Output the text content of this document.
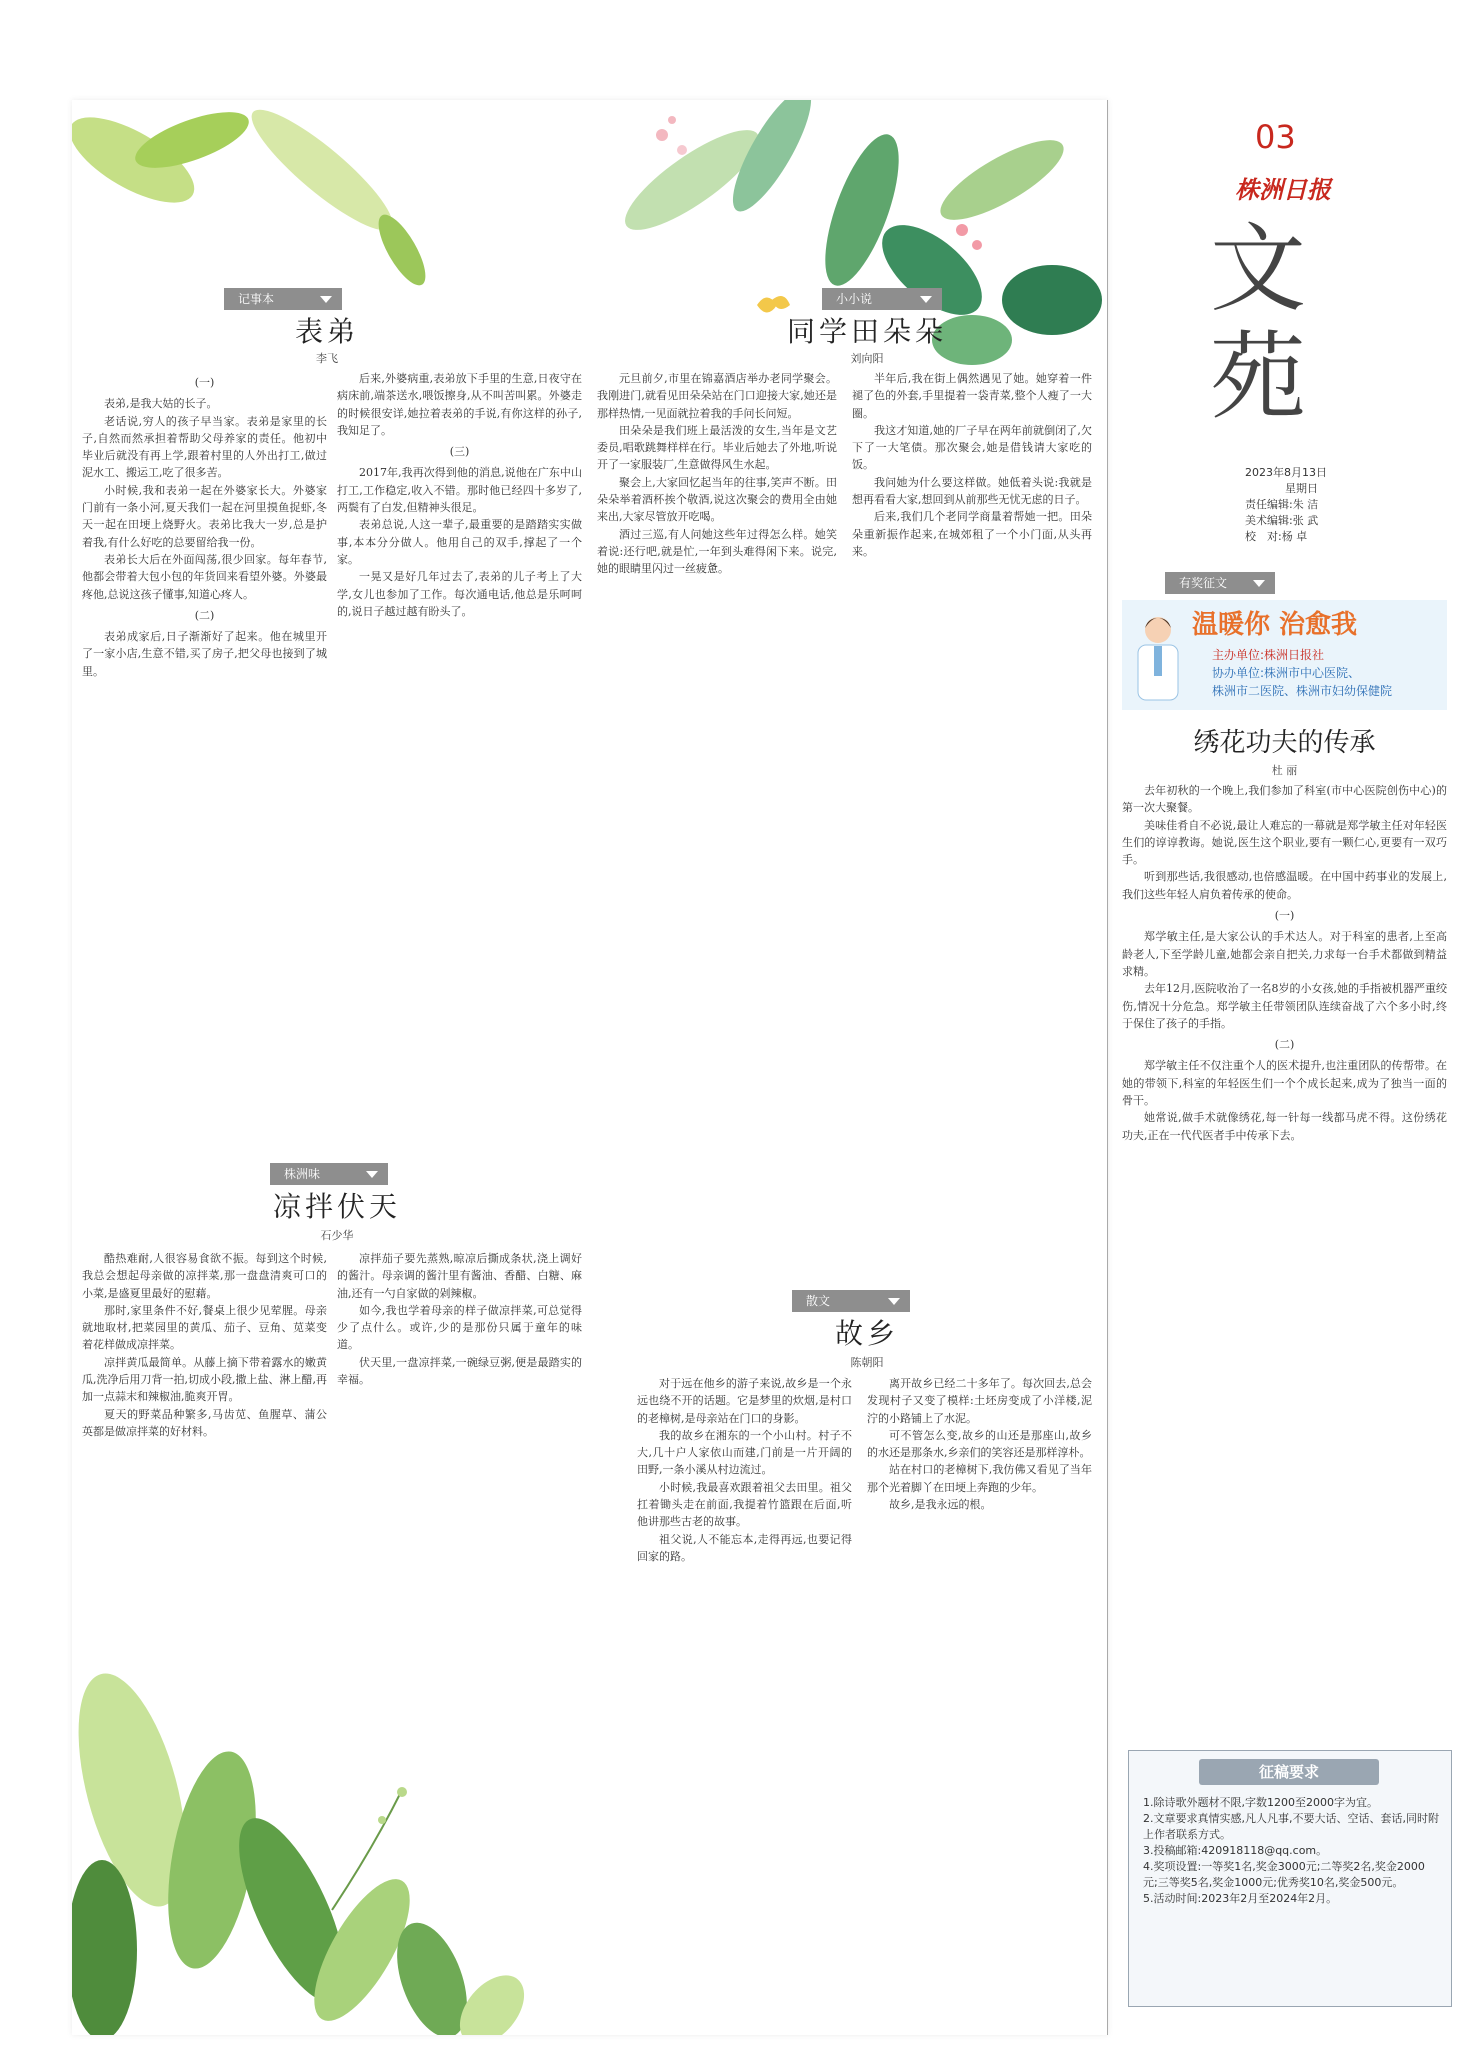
记事本
表弟
李飞

(一)

表弟,是我大姑的长子。

老话说,穷人的孩子早当家。表弟是家里的长子,自然而然承担着帮助父母养家的责任。他初中毕业后就没有再上学,跟着村里的人外出打工,做过泥水工、搬运工,吃了很多苦。

小时候,我和表弟一起在外婆家长大。外婆家门前有一条小河,夏天我们一起在河里摸鱼捉虾,冬天一起在田埂上烧野火。表弟比我大一岁,总是护着我,有什么好吃的总要留给我一份。

表弟长大后在外面闯荡,很少回家。每年春节,他都会带着大包小包的年货回来看望外婆。外婆最疼他,总说这孩子懂事,知道心疼人。

(二)

表弟成家后,日子渐渐好了起来。他在城里开了一家小店,生意不错,买了房子,把父母也接到了城里。

后来,外婆病重,表弟放下手里的生意,日夜守在病床前,端茶送水,喂饭擦身,从不叫苦叫累。外婆走的时候很安详,她拉着表弟的手说,有你这样的孙子,我知足了。

(三)

2017年,我再次得到他的消息,说他在广东中山打工,工作稳定,收入不错。那时他已经四十多岁了,两鬓有了白发,但精神头很足。

表弟总说,人这一辈子,最重要的是踏踏实实做事,本本分分做人。他用自己的双手,撑起了一个家。

一晃又是好几年过去了,表弟的儿子考上了大学,女儿也参加了工作。每次通电话,他总是乐呵呵的,说日子越过越有盼头了。

小小说
同学田朵朵
刘向阳

元旦前夕,市里在锦嘉酒店举办老同学聚会。我刚进门,就看见田朵朵站在门口迎接大家,她还是那样热情,一见面就拉着我的手问长问短。

田朵朵是我们班上最活泼的女生,当年是文艺委员,唱歌跳舞样样在行。毕业后她去了外地,听说开了一家服装厂,生意做得风生水起。

聚会上,大家回忆起当年的往事,笑声不断。田朵朵举着酒杯挨个敬酒,说这次聚会的费用全由她来出,大家尽管放开吃喝。

酒过三巡,有人问她这些年过得怎么样。她笑着说:还行吧,就是忙,一年到头难得闲下来。说完,她的眼睛里闪过一丝疲惫。

半年后,我在街上偶然遇见了她。她穿着一件褪了色的外套,手里提着一袋青菜,整个人瘦了一大圈。

我这才知道,她的厂子早在两年前就倒闭了,欠下了一大笔债。那次聚会,她是借钱请大家吃的饭。

我问她为什么要这样做。她低着头说:我就是想再看看大家,想回到从前那些无忧无虑的日子。

后来,我们几个老同学商量着帮她一把。田朵朵重新振作起来,在城郊租了一个小门面,从头再来。

株洲味
凉拌伏天
石少华

酷热难耐,人很容易食欲不振。每到这个时候,我总会想起母亲做的凉拌菜,那一盘盘清爽可口的小菜,是盛夏里最好的慰藉。

那时,家里条件不好,餐桌上很少见荤腥。母亲就地取材,把菜园里的黄瓜、茄子、豆角、苋菜变着花样做成凉拌菜。

凉拌黄瓜最简单。从藤上摘下带着露水的嫩黄瓜,洗净后用刀背一拍,切成小段,撒上盐、淋上醋,再加一点蒜末和辣椒油,脆爽开胃。

夏天的野菜品种繁多,马齿苋、鱼腥草、蒲公英都是做凉拌菜的好材料。

凉拌茄子要先蒸熟,晾凉后撕成条状,浇上调好的酱汁。母亲调的酱汁里有酱油、香醋、白糖、麻油,还有一勺自家做的剁辣椒。

如今,我也学着母亲的样子做凉拌菜,可总觉得少了点什么。或许,少的是那份只属于童年的味道。

伏天里,一盘凉拌菜,一碗绿豆粥,便是最踏实的幸福。

散文
故乡
陈朝阳

对于远在他乡的游子来说,故乡是一个永远也绕不开的话题。它是梦里的炊烟,是村口的老樟树,是母亲站在门口的身影。

我的故乡在湘东的一个小山村。村子不大,几十户人家依山而建,门前是一片开阔的田野,一条小溪从村边流过。

小时候,我最喜欢跟着祖父去田里。祖父扛着锄头走在前面,我提着竹篮跟在后面,听他讲那些古老的故事。

祖父说,人不能忘本,走得再远,也要记得回家的路。

离开故乡已经二十多年了。每次回去,总会发现村子又变了模样:土坯房变成了小洋楼,泥泞的小路铺上了水泥。

可不管怎么变,故乡的山还是那座山,故乡的水还是那条水,乡亲们的笑容还是那样淳朴。

站在村口的老樟树下,我仿佛又看见了当年那个光着脚丫在田埂上奔跑的少年。

故乡,是我永远的根。

03
株洲日报
文苑
2023年8月13日
星期日
责任编辑:朱 洁
美术编辑:张 武
校　对:杨 卓
有奖征文
温暖你 治愈我
主办单位:株洲日报社
协办单位:株洲市中心医院、
株洲市二医院、株洲市妇幼保健院
绣花功夫的传承
杜 丽

去年初秋的一个晚上,我们参加了科室(市中心医院创伤中心)的第一次大聚餐。

美味佳肴自不必说,最让人难忘的一幕就是郑学敏主任对年轻医生们的谆谆教诲。她说,医生这个职业,要有一颗仁心,更要有一双巧手。

听到那些话,我很感动,也倍感温暖。在中国中药事业的发展上,我们这些年轻人肩负着传承的使命。

(一)

郑学敏主任,是大家公认的手术达人。对于科室的患者,上至高龄老人,下至学龄儿童,她都会亲自把关,力求每一台手术都做到精益求精。

去年12月,医院收治了一名8岁的小女孩,她的手指被机器严重绞伤,情况十分危急。郑学敏主任带领团队连续奋战了六个多小时,终于保住了孩子的手指。

(二)

郑学敏主任不仅注重个人的医术提升,也注重团队的传帮带。在她的带领下,科室的年轻医生们一个个成长起来,成为了独当一面的骨干。

她常说,做手术就像绣花,每一针每一线都马虎不得。这份绣花功夫,正在一代代医者手中传承下去。

征稿要求
1.除诗歌外题材不限,字数1200至2000字为宜。
2.文章要求真情实感,凡人凡事,不要大话、空话、套话,同时附上作者联系方式。
3.投稿邮箱:420918118@qq.com。
4.奖项设置:一等奖1名,奖金3000元;二等奖2名,奖金2000元;三等奖5名,奖金1000元;优秀奖10名,奖金500元。
5.活动时间:2023年2月至2024年2月。
